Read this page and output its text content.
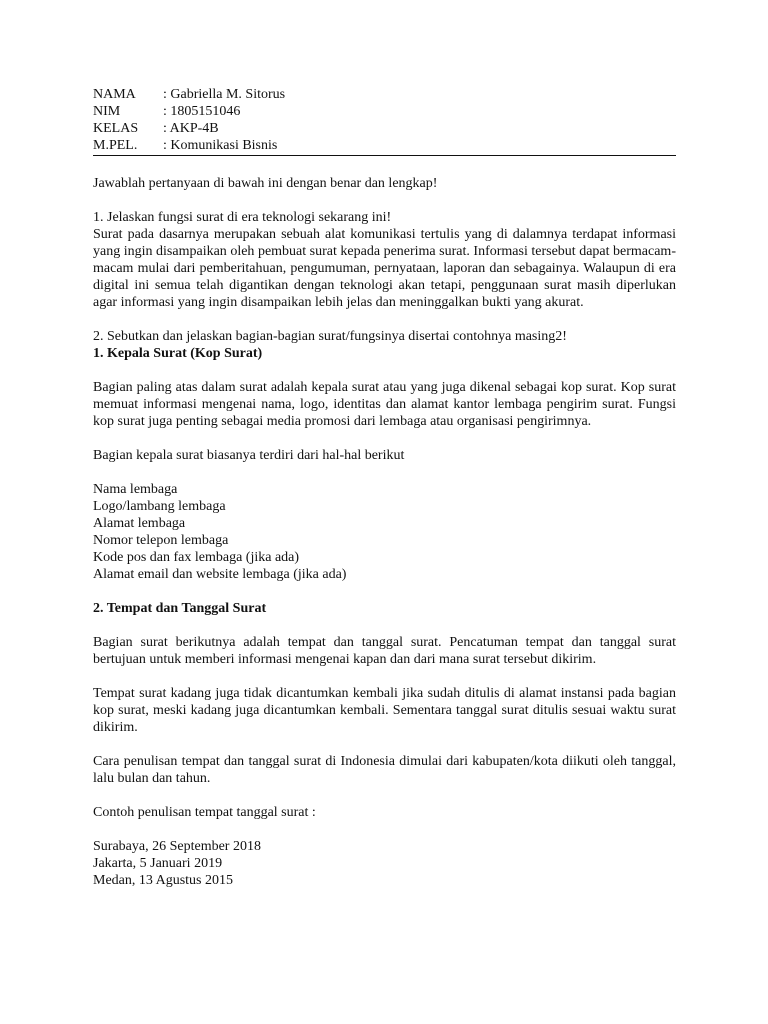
NAMA	: Gabriella M. Sitorus
NIM	: 1805151046
KELAS	: AKP-4B
M.PEL.	: Komunikasi Bisnis

Jawablah pertanyaan di bawah ini dengan benar dan lengkap!

1. Jelaskan fungsi surat di era teknologi sekarang ini!

Surat pada dasarnya merupakan sebuah alat komunikasi tertulis yang di dalamnya terdapat informasi yang ingin disampaikan oleh pembuat surat kepada penerima surat. Informasi tersebut dapat bermacam-macam mulai dari pemberitahuan, pengumuman, pernyataan, laporan dan sebagainya. Walaupun di era digital ini semua telah digantikan dengan teknologi akan tetapi, penggunaan surat masih diperlukan agar informasi yang ingin disampaikan lebih jelas dan meninggalkan bukti yang akurat.

2. Sebutkan dan jelaskan bagian-bagian surat/fungsinya disertai contohnya masing2!

1. Kepala Surat (Kop Surat)

Bagian paling atas dalam surat adalah kepala surat atau yang juga dikenal sebagai kop surat. Kop surat memuat informasi mengenai nama, logo, identitas dan alamat kantor lembaga pengirim surat. Fungsi kop surat juga penting sebagai media promosi dari lembaga atau organisasi pengirimnya.

Bagian kepala surat biasanya terdiri dari hal-hal berikut

Nama lembaga

Logo/lambang lembaga

Alamat lembaga

Nomor telepon lembaga

Kode pos dan fax lembaga (jika ada)

Alamat email dan website lembaga (jika ada)

2. Tempat dan Tanggal Surat

Bagian surat berikutnya adalah tempat dan tanggal surat. Pencatuman tempat dan tanggal surat bertujuan untuk memberi informasi mengenai kapan dan dari mana surat tersebut dikirim.

Tempat surat kadang juga tidak dicantumkan kembali jika sudah ditulis di alamat instansi pada bagian kop surat, meski kadang juga dicantumkan kembali. Sementara tanggal surat ditulis sesuai waktu surat dikirim.

Cara penulisan tempat dan tanggal surat di Indonesia dimulai dari kabupaten/kota diikuti oleh tanggal, lalu bulan dan tahun.

Contoh penulisan tempat tanggal surat :

Surabaya, 26 September 2018

Jakarta, 5 Januari 2019

Medan, 13 Agustus 2015
